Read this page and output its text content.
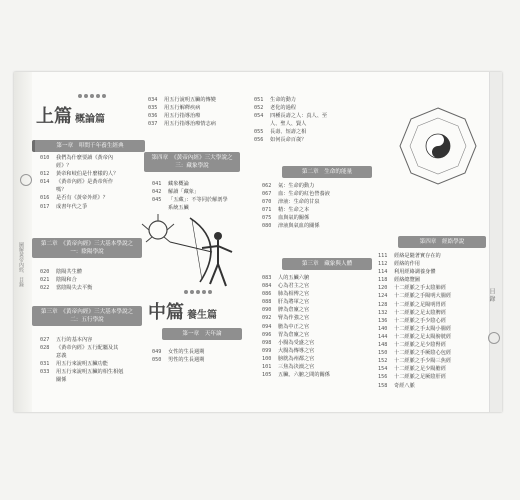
圖解黃帝內經．目錄
目 錄
上篇 概論篇
第一章　叩問千年養生經典
010	我們為什麼要讀《黃帝內
經》？
012	黃帝和岐伯是什麼樣的人？
014	《黃帝內經》是黃帝所作
嗎？
016	是否有《黃帝外經》？
017	成書年代之爭
第二章　《黃帝內經》三大基本學說之一：陰陽學說
020	陰陽共生體
021	陰陽和合
022	當陰陽失去平衡
第三章　《黃帝內經》三大基本學說之二：五行學說
027	五行的基本內容
028	《黃帝內經》五行配屬及其
意義
031	用五行來說明五臟功能
033	用五行來說明五臟的相生相剋
關係
034	用五行說明五臟的傳變
035	用五行解釋疾病
036	用五行指導治療
037	用五行指導治療情志病
第四章　《黃帝內經》三大學說之三：藏象學說
041	藏象概論
042	解讀「藏象」
045	「五藏」：不等同於解剖學
系統五臟
中篇 養生篇
第一章　天年論
049	女性的生長週期
050	男性的生長週期
051	生命的動力
052	老化的過程
054	四種長壽之人：真人、至
人、聖人、賢人
055	長壽、短壽之相
056	如何長命百歲？
第二章　生命的能量
062	氣：生命的動力
067	血：生命的紅色營養液
070	津液：生命的甘泉
071	精：生命之本
075	血與氣的關係
080	津液與氣血的關係
第三章　藏象與人體
083	人的五臟六腑
084	心為君主之官
086	肺為相傅之官
088	肝為將軍之官
090	脾為倉廩之官
092	腎為作強之官
094	膽為中正之官
096	胃為倉廩之官
098	小腸為受盛之官
099	大腸為傳導之官
100	膀胱為州都之官
101	三焦為決瀆之官
105	五臟、六腑之間的關係
第四章　經絡學說
111	經絡是隨著實存在的
112	經絡的作用
114	利用經絡調養身體
118	經絡總覽圖
120	十二經脈之手太陰肺經
124	十二經脈之手陽明大腸經
128	十二經脈之足陽明胃經
132	十二經脈之足太陰脾經
136	十二經脈之手少陰心經
140	十二經脈之手太陽小腸經
144	十二經脈之足太陽膀胱經
148	十二經脈之足少陰腎經
150	十二經脈之手厥陰心包經
152	十二經脈之手少陽三焦經
154	十二經脈之足少陽膽經
156	十二經脈之足厥陰肝經
158	奇經八脈
